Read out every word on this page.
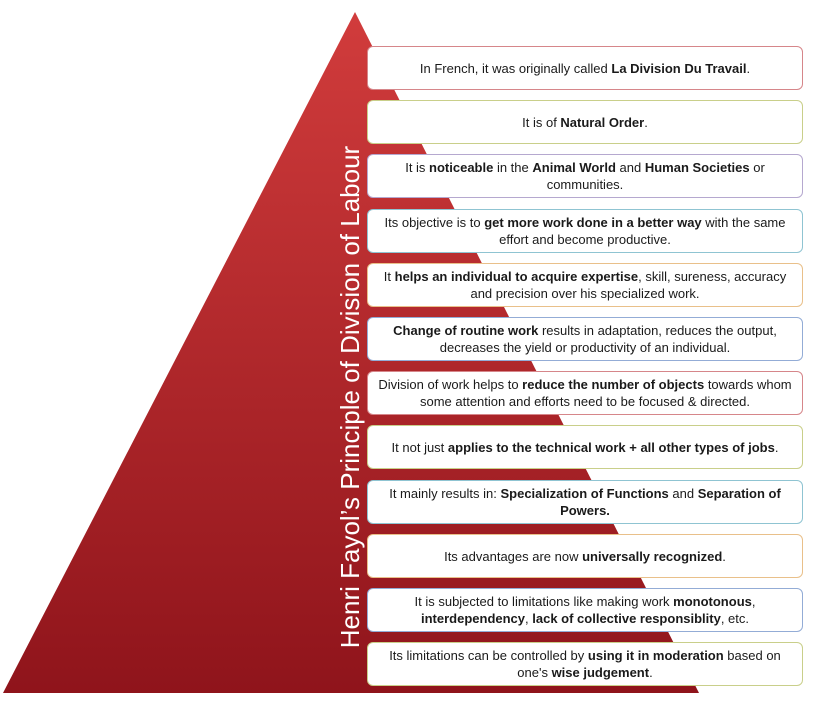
Henri Fayol’s Principle of Division of Labour
In French, it was originally called La Division Du Travail.
It is of Natural Order.
It is noticeable in the Animal World and Human Societies or communities.
Its objective is to get more work done in a better way with the same effort and become productive.
It helps an individual to acquire expertise, skill, sureness, accuracy and precision over his specialized work.
Change of routine work results in adaptation, reduces the output, decreases the yield or productivity of an individual.
Division of work helps to reduce the number of objects towards whom some attention and efforts need to be focused & directed.
It not just applies to the technical work + all other types of jobs.
It mainly results in: Specialization of Functions and Separation of Powers.
Its advantages are now universally recognized.
It is subjected to limitations like making work monotonous, interdependency, lack of collective responsiblity, etc.
Its limitations can be controlled by using it in moderation based on one's wise judgement.
